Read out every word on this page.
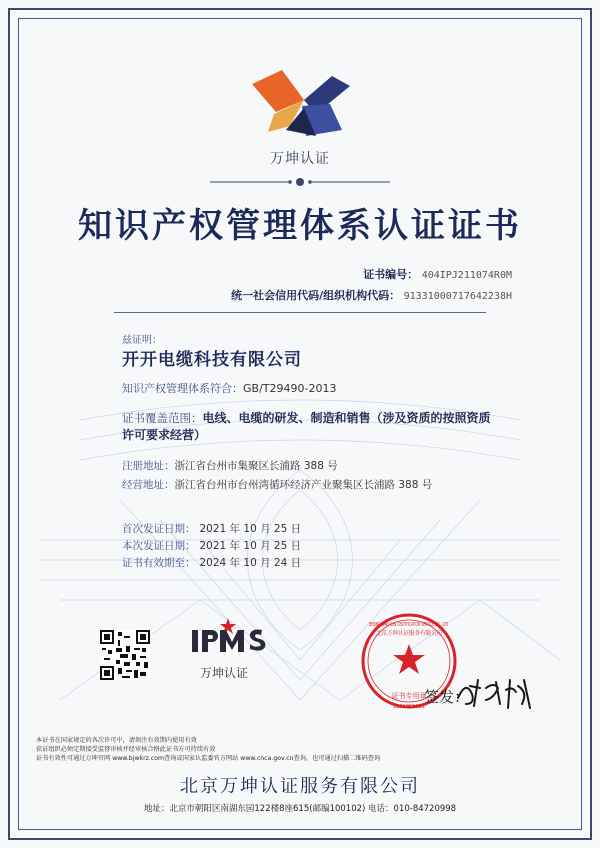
万坤认证
知识产权管理体系认证证书
证书编号： 404IPJ211074R0M
统一社会信用代码/组织机构代码： 91331000717642238H
兹证明：
开开电缆科技有限公司
知识产权管理体系符合：GB/T29490-2013
证书覆盖范围：电线、电缆的研发、制造和销售（涉及资质的按照资质许可要求经营）
注册地址：浙江省台州市集聚区长浦路 388 号
经营地址：浙江省台州市台州湾循环经济产业聚集区长浦路 388 号
首次发证日期： 2021 年 10 月 25 日
本次发证日期： 2021 年 10 月 25 日
证书有效期至： 2024 年 10 月 24 日
万坤认证
证书专用章
1101051891
BEIJING WAN KUN CERTIFICATION SERVICE CO., LTD.
北京万坤认证服务有限公司
签发：
本证书在国家规定的各次许可中，请须注有效期内使用有效
获证组织必须定期接受监督审核并经审核合格此证书方可持续有效
证书有效性可通过万坤官网 www.bjwkrz.com查询或国家认监委官方网站 www.cnca.gov.cn查询，也可通过扫描二维码查询
北京万坤认证服务有限公司
地址：北京市朝阳区南湖东园122楼8座615(邮编100102) 电话：010-84720998
